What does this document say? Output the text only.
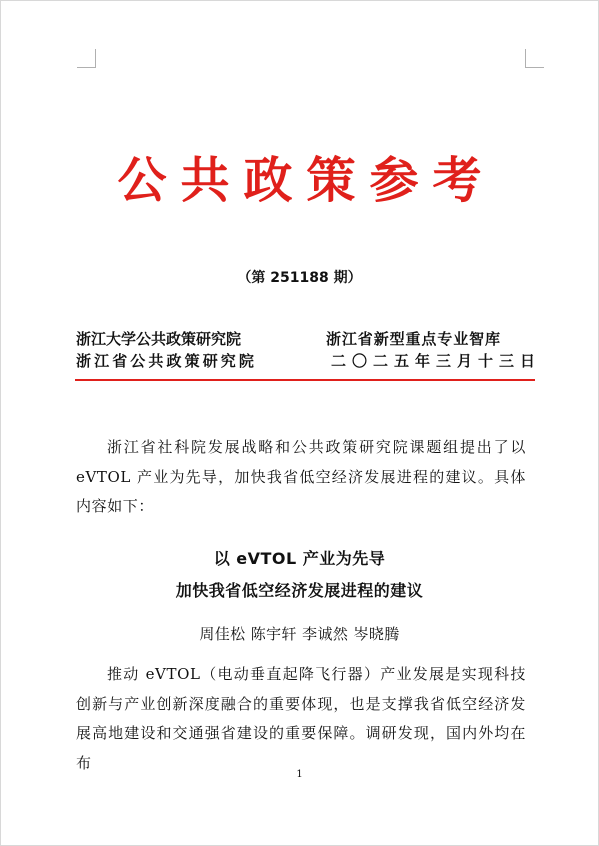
公共政策参考
（第 251188 期）
浙江大学公共政策研究院
浙江省公共政策研究院
浙江省新型重点专业智库
二〇二五年三月十三日
浙江省社科院发展战略和公共政策研究院课题组提出了以eVTOL 产业为先导，加快我省低空经济发展进程的建议。具体内容如下：
以 eVTOL 产业为先导
加快我省低空经济发展进程的建议
周佳松 陈宇轩 李诚然 岑晓腾
推动 eVTOL（电动垂直起降飞行器）产业发展是实现科技创新与产业创新深度融合的重要体现，也是支撑我省低空经济发展高地建设和交通强省建设的重要保障。调研发现，国内外均在布
1
